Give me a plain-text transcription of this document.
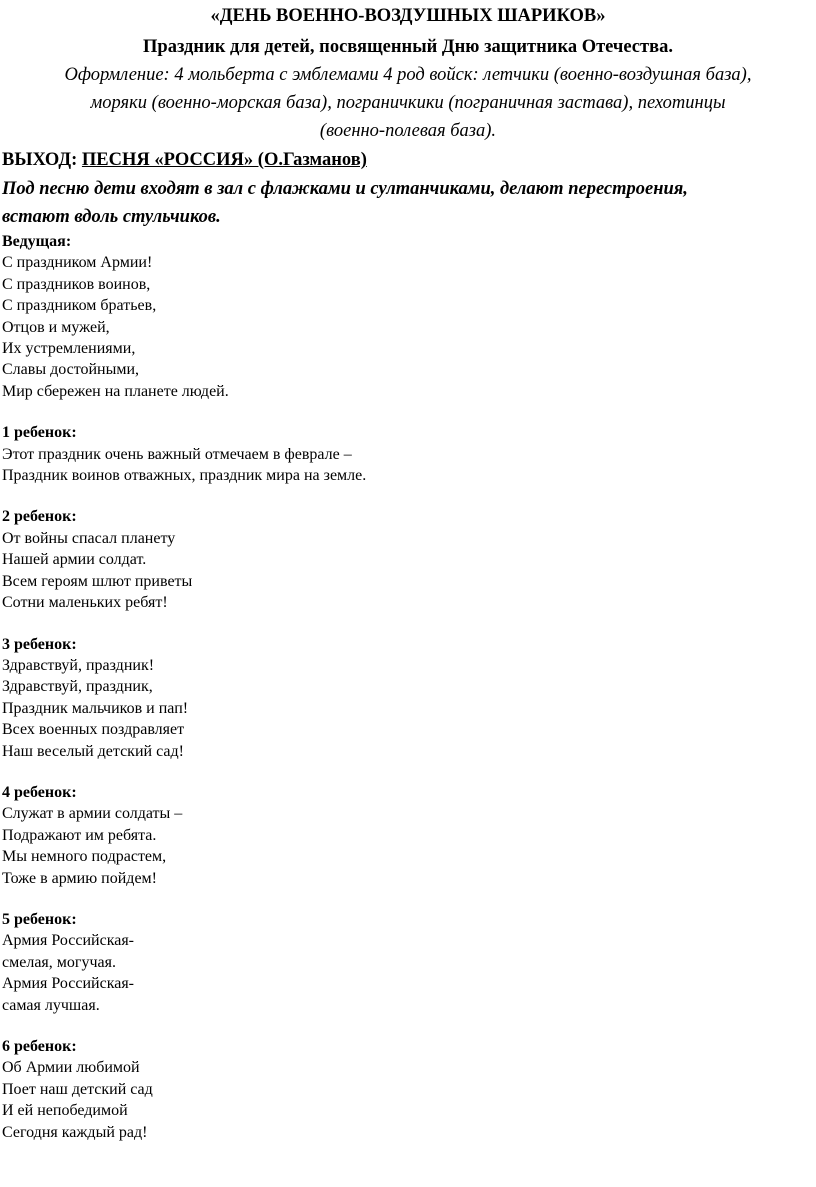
«ДЕНЬ ВОЕННО-ВОЗДУШНЫХ ШАРИКОВ»

Праздник для детей, посвященный Дню защитника Отечества.

Оформление: 4 мольберта с эмблемами 4 род войск: летчики (военно-воздушная база),
моряки (военно-морская база), пограничкики (пограничная застава), пехотинцы
(военно-полевая база).

ВЫХОД: ПЕСНЯ «РОССИЯ» (О.Газманов)

Под песню дети входят в зал с флажками и султанчиками, делают перестроения,
встают вдоль стульчиков.
Ведущая:
С праздником Армии!
С праздников воинов,
С праздником братьев,
Отцов и мужей,
Их устремлениями,
Славы достойными,
Мир сбережен на планете людей.
1 ребенок:
Этот праздник очень важный отмечаем в феврале –
Праздник воинов отважных, праздник мира на земле.
2 ребенок:
От войны спасал планету
Нашей армии солдат.
Всем героям шлют приветы
Сотни маленьких ребят!
3 ребенок:
Здравствуй, праздник!
Здравствуй, праздник,
Праздник мальчиков и пап!
Всех военных поздравляет
Наш веселый детский сад!
4 ребенок:
Служат в армии солдаты –
Подражают им ребята.
Мы немного подрастем,
Тоже в армию пойдем!
5 ребенок:
Армия Российская-
смелая, могучая.
Армия Российская-
самая лучшая.
6 ребенок:
Об Армии любимой
Поет наш детский сад
И ей непобедимой
Сегодня каждый рад!
